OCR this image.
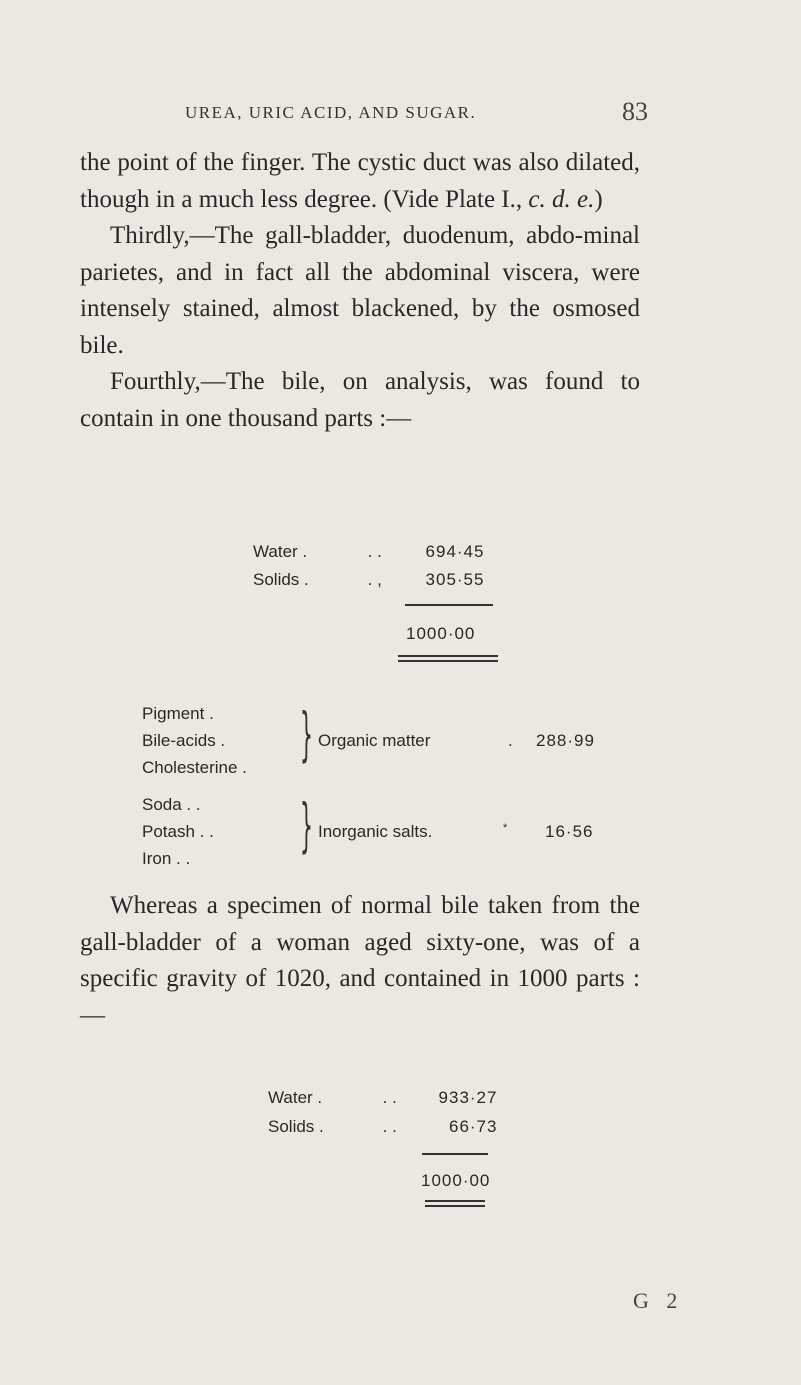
UREA, URIC ACID, AND SUGAR.	83

the point of the finger. The cystic duct was also dilated, though in a much less degree. (Vide Plate I., c. d. e.)

Thirdly,—The gall-bladder, duodenum, abdo-minal parietes, and in fact all the abdominal viscera, were intensely stained, almost blackened, by the osmosed bile.

Fourthly,—The bile, on analysis, was found to contain in one thousand parts :—

Water .	. .	694·45
Solids .	. ,	305·55
1000·00
Pigment .
Bile-acids .
Cholesterine . } Organic matter	. 288·99
Soda . .
Potash . .
Iron . . } Inorganic salts.	* 16·56

Whereas a specimen of normal bile taken from the gall-bladder of a woman aged sixty-one, was of a specific gravity of 1020, and contained in 1000 parts :—

Water .	. . 933·27
Solids .	. .	66·73
1000·00
G 2
